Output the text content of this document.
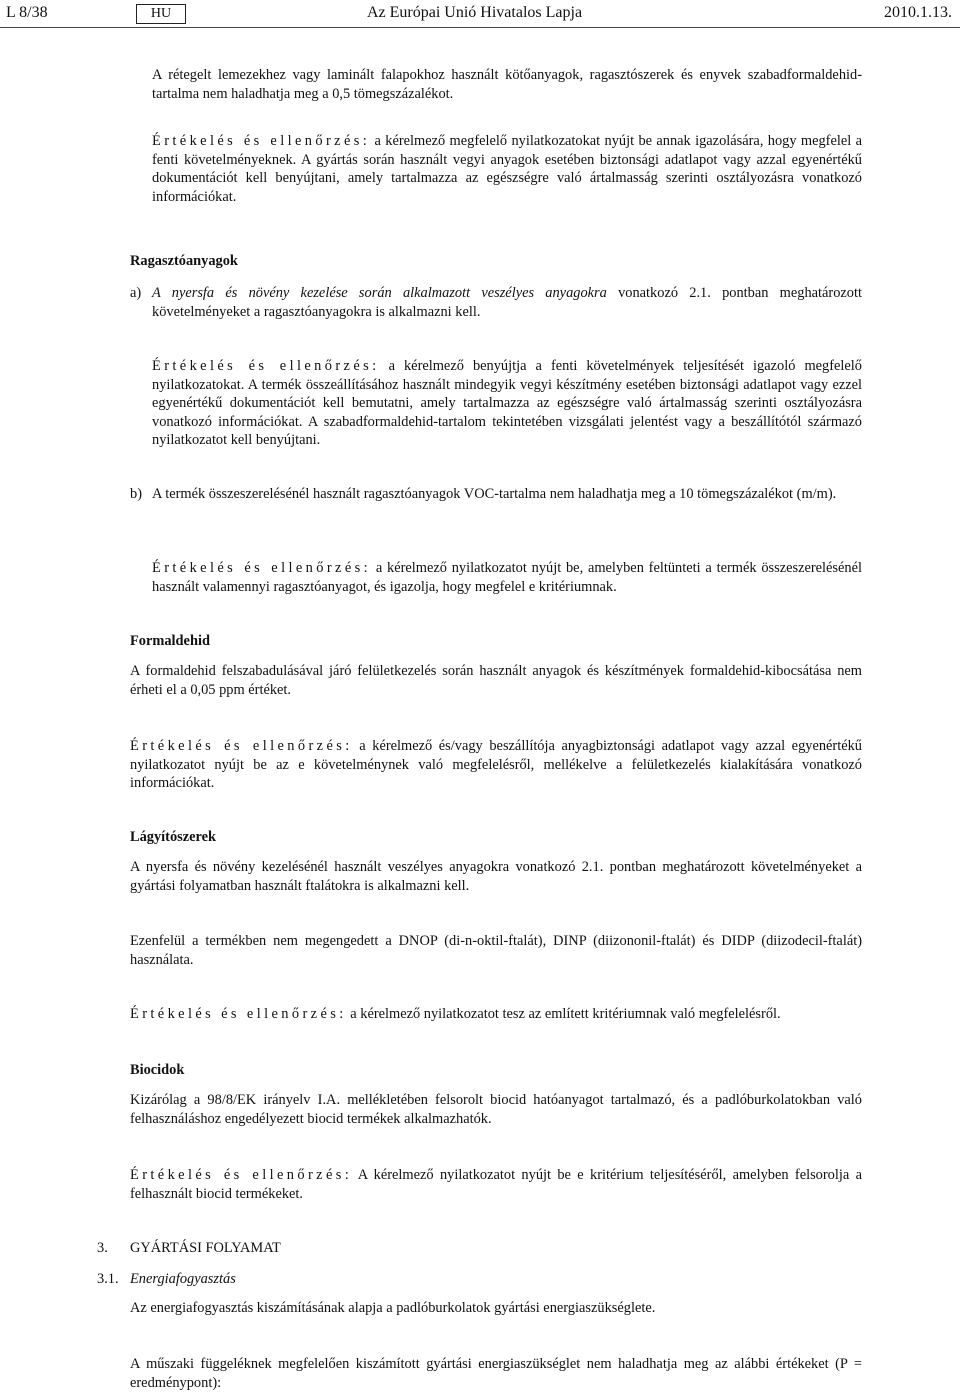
L 8/38	HU	Az Európai Unió Hivatalos Lapja	2010.1.13.

A rétegelt lemezekhez vagy laminált falapokhoz használt kötőanyagok, ragasztószerek és enyvek szabadformaldehid-tartalma nem haladhatja meg a 0,5 tömegszázalékot.

Értékelés és ellenőrzés: a kérelmező megfelelő nyilatkozatokat nyújt be annak igazolására, hogy megfelel a fenti követelményeknek. A gyártás során használt vegyi anyagok esetében biztonsági adatlapot vagy azzal egyenértékű dokumentációt kell benyújtani, amely tartalmazza az egészségre való ártalmasság szerinti osztályozásra vonatkozó információkat.

Ragasztóanyagok
a) A nyersfa és növény kezelése során alkalmazott veszélyes anyagokra vonatkozó 2.1. pontban meghatározott követelményeket a ragasztóanyagokra is alkalmazni kell.

Értékelés és ellenőrzés: a kérelmező benyújtja a fenti követelmények teljesítését igazoló megfelelő nyilatkozatokat. A termék összeállításához használt mindegyik vegyi készítmény esetében biztonsági adatlapot vagy ezzel egyenértékű dokumentációt kell bemutatni, amely tartalmazza az egészségre való ártalmasság szerinti osztályozásra vonatkozó információkat. A szabadformaldehid-tartalom tekintetében vizsgálati jelentést vagy a beszállítótól származó nyilatkozatot kell benyújtani.

b) A termék összeszerelésénél használt ragasztóanyagok VOC-tartalma nem haladhatja meg a 10 tömegszázalékot (m/m).

Értékelés és ellenőrzés: a kérelmező nyilatkozatot nyújt be, amelyben feltünteti a termék összeszerelésénél használt valamennyi ragasztóanyagot, és igazolja, hogy megfelel e kritériumnak.

Formaldehid

A formaldehid felszabadulásával járó felületkezelés során használt anyagok és készítmények formaldehid-kibocsátása nem érheti el a 0,05 ppm értéket.

Értékelés és ellenőrzés: a kérelmező és/vagy beszállítója anyagbiztonsági adatlapot vagy azzal egyenértékű nyilatkozatot nyújt be az e követelménynek való megfelelésről, mellékelve a felületkezelés kialakítására vonatkozó információkat.

Lágyítószerek

A nyersfa és növény kezelésénél használt veszélyes anyagokra vonatkozó 2.1. pontban meghatározott követelményeket a gyártási folyamatban használt ftalátokra is alkalmazni kell.

Ezenfelül a termékben nem megengedett a DNOP (di-n-oktil-ftalát), DINP (diizononil-ftalát) és DIDP (diizodecil-ftalát) használata.

Értékelés és ellenőrzés: a kérelmező nyilatkozatot tesz az említett kritériumnak való megfelelésről.

Biocidok

Kizárólag a 98/8/EK irányelv I.A. mellékletében felsorolt biocid hatóanyagot tartalmazó, és a padlóburkolatokban való felhasználáshoz engedélyezett biocid termékek alkalmazhatók.

Értékelés és ellenőrzés: A kérelmező nyilatkozatot nyújt be e kritérium teljesítéséről, amelyben felsorolja a felhasznált biocid termékeket.

3. GYÁRTÁSI FOLYAMAT
3.1. Energiafogyasztás

Az energiafogyasztás kiszámításának alapja a padlóburkolatok gyártási energiaszükséglete.

A műszaki függeléknek megfelelően kiszámított gyártási energiaszükséglet nem haladhatja meg az alábbi értékeket (P = eredménypont):
